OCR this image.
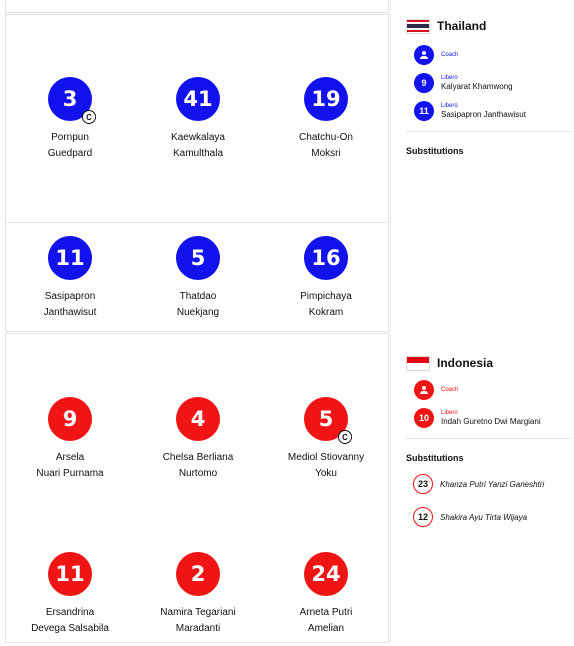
3
C
Pornpun
Guedpard
41
Kaewkalaya
Kamulthala
19
Chatchu-On
Moksri
11
Sasipapron
Janthawisut
5
Thatdao
Nuekjang
16
Pimpichaya
Kokram
9
Arsela
Nuari Purnama
4
Chelsa Berliana
Nurtomo
5
C
Mediol Stiovanny
Yoku
11
Ersandrina
Devega Salsabila
2
Namira Tegariani
Maradanti
24
Arneta Putri
Amelian
Thailand
Coach
9	Libero
Kalyarat Khamwong
11	Libero
Sasipapron Janthawisut
Substitutions
Indonesia
Coach
10	Libero
Indah Guretno Dwi Margiani
Substitutions
23	Khanza Putri Yanzi Ganeshtri
12	Shakira Ayu Tirta Wijaya
